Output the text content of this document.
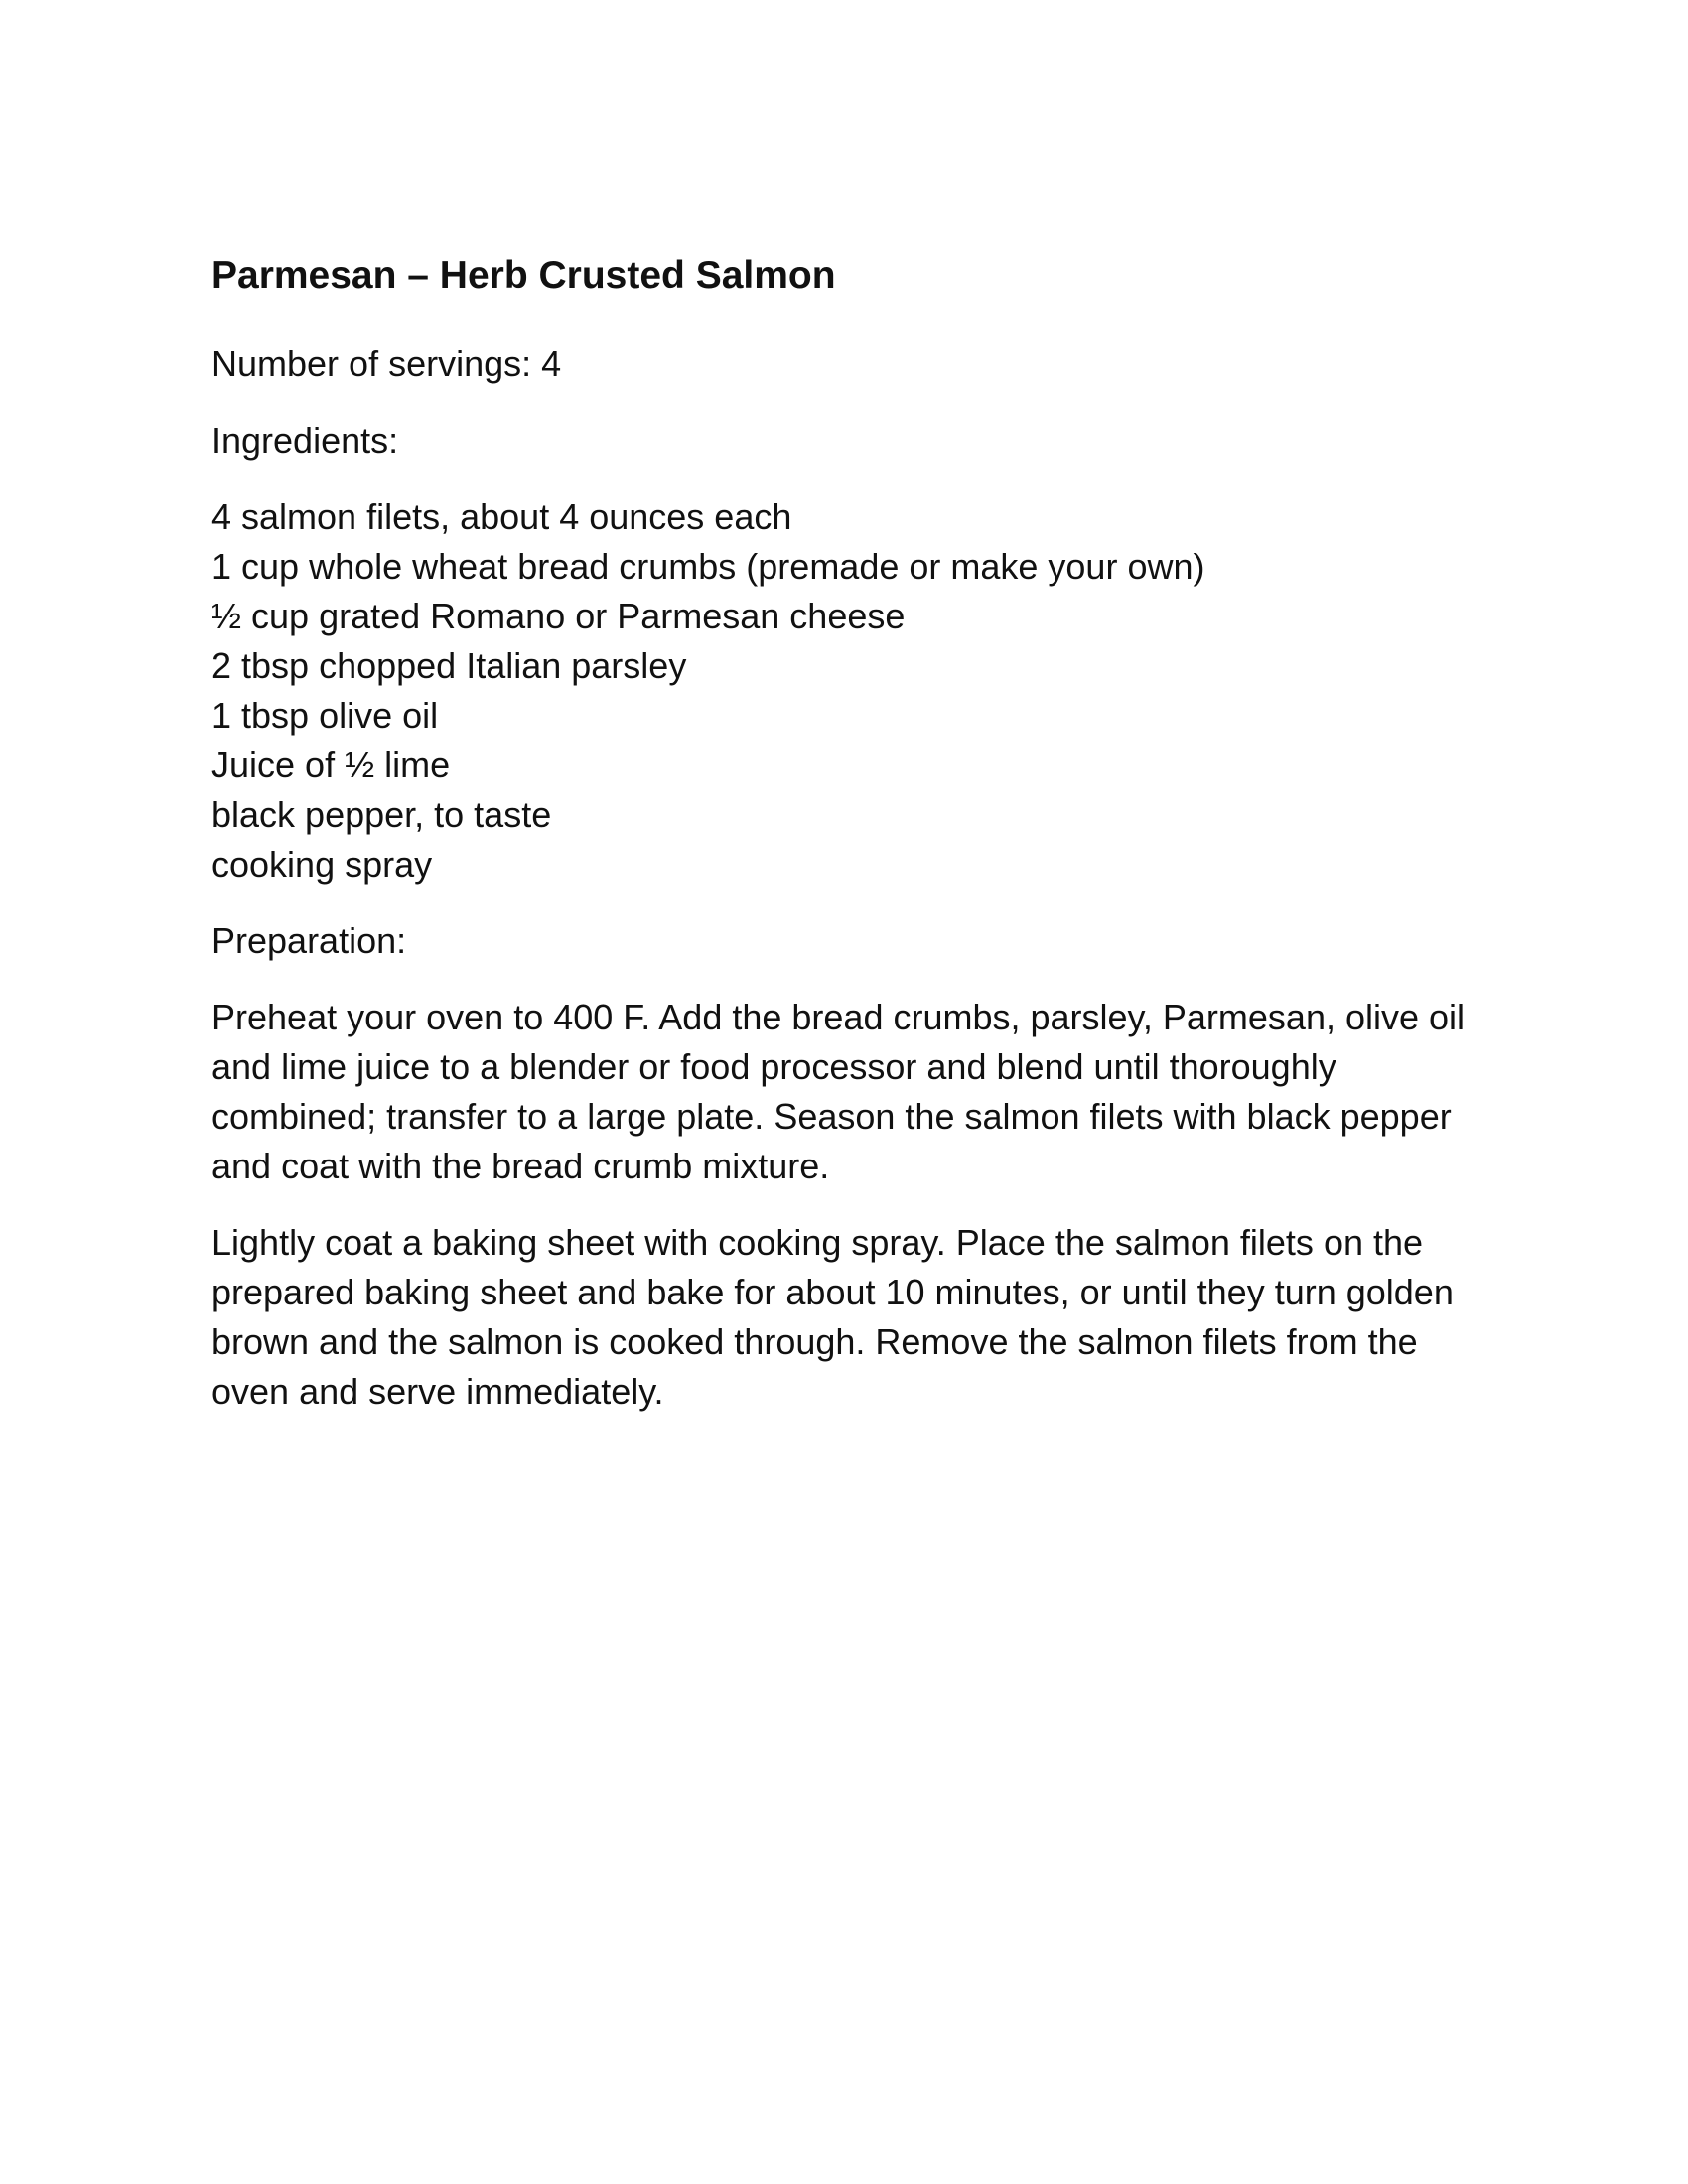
Parmesan – Herb Crusted Salmon

Number of servings: 4

Ingredients:

4 salmon filets, about 4 ounces each
1 cup whole wheat bread crumbs (premade or make your own)
½ cup grated Romano or Parmesan cheese
2 tbsp chopped Italian parsley
1 tbsp olive oil
Juice of ½ lime
black pepper, to taste
cooking spray

Preparation:

Preheat your oven to 400 F. Add the bread crumbs, parsley, Parmesan, olive oil and lime juice to a blender or food processor and blend until thoroughly combined; transfer to a large plate. Season the salmon filets with black pepper and coat with the bread crumb mixture.

Lightly coat a baking sheet with cooking spray. Place the salmon filets on the prepared baking sheet and bake for about 10 minutes, or until they turn golden brown and the salmon is cooked through. Remove the salmon filets from the oven and serve immediately.
